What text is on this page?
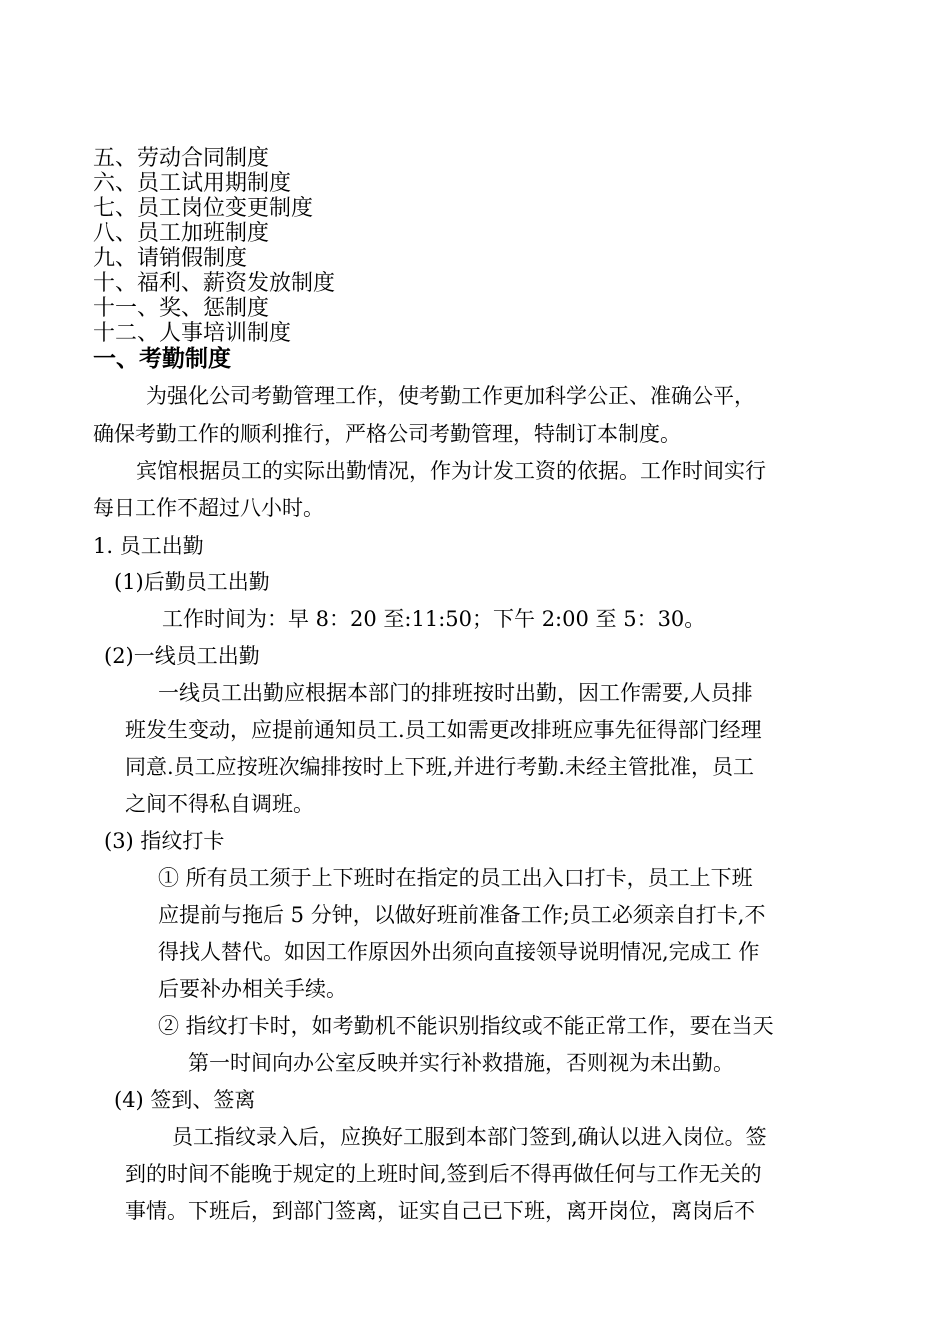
五、劳动合同制度

六、员工试用期制度

七、员工岗位变更制度

八、员工加班制度

九、请销假制度

十、福利、薪资发放制度

十一、奖、惩制度

十二、人事培训制度

一、考勤制度

为强化公司考勤管理工作，使考勤工作更加科学公正、准确公平，

确保考勤工作的顺利推行，严格公司考勤管理，特制订本制度。

宾馆根据员工的实际出勤情况，作为计发工资的依据。工作时间实行

每日工作不超过八小时。

1. 员工出勤

(1)后勤员工出勤

工作时间为：早 8：20 至:11:50；下午 2:00 至 5：30。

(2)一线员工出勤

一线员工出勤应根据本部门的排班按时出勤，因工作需要,人员排

班发生变动，应提前通知员工.员工如需更改排班应事先征得部门经理

同意.员工应按班次编排按时上下班,并进行考勤.未经主管批准，员工

之间不得私自调班。

(3) 指纹打卡

① 所有员工须于上下班时在指定的员工出入口打卡，员工上下班

应提前与拖后 5 分钟，以做好班前准备工作;员工必须亲自打卡,不

得找人替代。如因工作原因外出须向直接领导说明情况,完成工 作

后要补办相关手续。

② 指纹打卡时，如考勤机不能识别指纹或不能正常工作，要在当天

第一时间向办公室反映并实行补救措施，否则视为未出勤。

(4) 签到、签离

员工指纹录入后，应换好工服到本部门签到,确认以进入岗位。签

到的时间不能晚于规定的上班时间,签到后不得再做任何与工作无关的

事情。下班后，到部门签离，证实自己已下班，离开岗位，离岗后不
